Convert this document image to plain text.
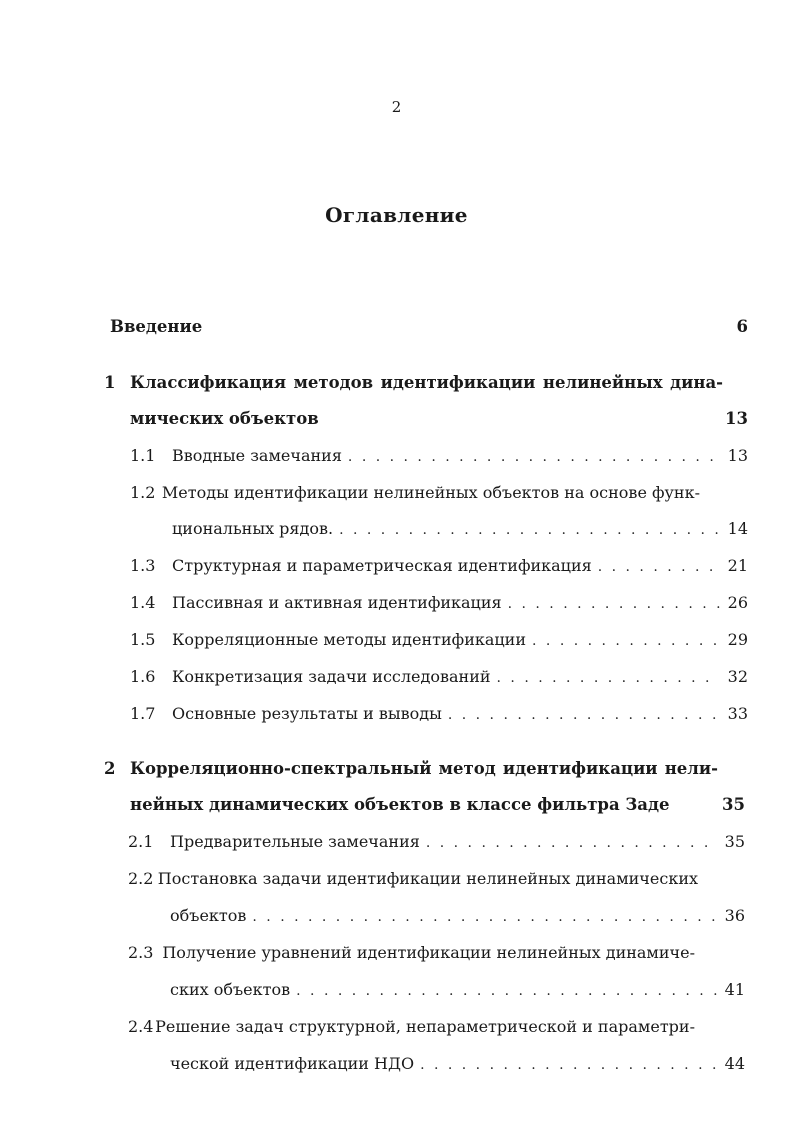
2
Оглавление
Введение	6
1 Классификация методов идентификации нелинейных дина-
мических объектов	13
1.1	Вводные замечания . . .	13
1.2 Методы идентификации нелинейных объектов на основе функ-
циональных рядов. . . .	14
1.3	Структурная и параметрическая идентификация . . .	21
1.4	Пассивная и активная идентификация . . .	26
1.5	Корреляционные методы идентификации . . .	29
1.6	Конкретизация задачи исследований . . .	32
1.7	Основные результаты и выводы . . .	33
2 Корреляционно-спектральный метод идентификации нели-
нейных динамических объектов в классе фильтра Заде	35
2.1	Предварительные замечания . . .	35
2.2 Постановка задачи идентификации нелинейных динамических
объектов . . .	36
2.3 Получение уравнений идентификации нелинейных динамиче-
ских объектов . . .	41
2.4 Решение задач структурной, непараметрической и параметри-
ческой идентификации НДО . . .	44
